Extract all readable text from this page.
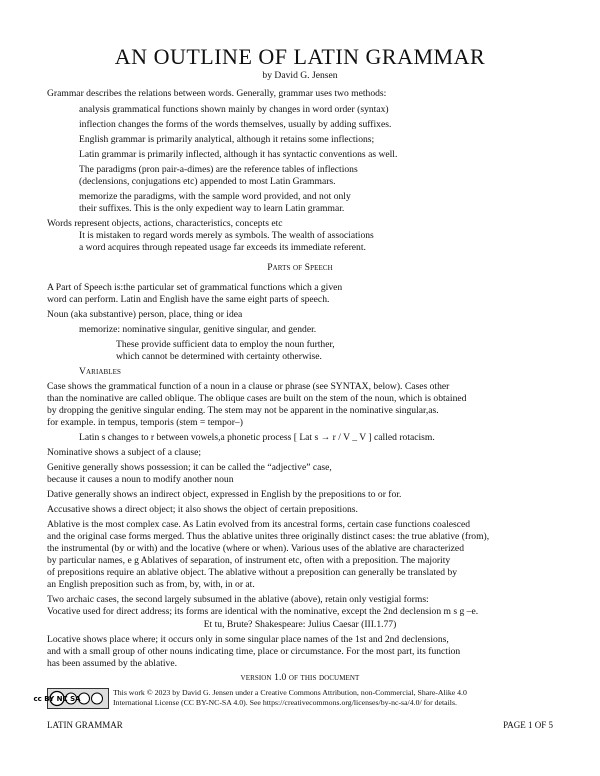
AN OUTLINE OF LATIN GRAMMAR
by David G. Jensen
Grammar describes the relations between words. Generally, grammar uses two methods:
analysis grammatical functions shown mainly by changes in word order (syntax)
inflection changes the forms of the words themselves, usually by adding suffixes.
English grammar is primarily analytical, although it retains some inflections;
Latin grammar is primarily inflected, although it has syntactic conventions as well.
The paradigms (pron pair-a-dimes) are the reference tables of inflections
(declensions, conjugations etc) appended to most Latin Grammars.
memorize the paradigms, with the sample word provided, and not only
their suffixes. This is the only expedient way to learn Latin grammar.
Words represent objects, actions, characteristics, concepts etc
It is mistaken to regard words merely as symbols. The wealth of associations
a word acquires through repeated usage far exceeds its immediate referent.
Parts of Speech
A Part of Speech is:the particular set of grammatical functions which a given
word can perform. Latin and English have the same eight parts of speech.
Noun (aka substantive) person, place, thing or idea
memorize: nominative singular, genitive singular, and gender.
These provide sufficient data to employ the noun further,
which cannot be determined with certainty otherwise.
Variables
Case shows the grammatical function of a noun in a clause or phrase (see SYNTAX, below). Cases other
than the nominative are called oblique. The oblique cases are built on the stem of the noun, which is obtained
by dropping the genitive singular ending. The stem may not be apparent in the nominative singular,as.
for example. in tempus, temporis (stem = tempor–)
Latin s changes to r between vowels,a phonetic process [ Lat s → r / V _ V ] called rotacism.
Nominative shows a subject of a clause;
Genitive generally shows possession; it can be called the “adjective” case,
because it causes a noun to modify another noun
Dative generally shows an indirect object, expressed in English by the prepositions to or for.
Accusative shows a direct object; it also shows the object of certain prepositions.
Ablative is the most complex case. As Latin evolved from its ancestral forms, certain case functions coalesced
and the original case forms merged. Thus the ablative unites three originally distinct cases: the true ablative (from),
the instrumental (by or with) and the locative (where or when). Various uses of the ablative are characterized
by particular names, e g Ablatives of separation, of instrument etc, often with a preposition. The majority
of prepositions require an ablative object. The ablative without a preposition can generally be translated by
an English preposition such as from, by, with, in or at.
Two archaic cases, the second largely subsumed in the ablative (above), retain only vestigial forms:
Vocative used for direct address; its forms are identical with the nominative, except the 2nd declension m s g –e.
Et tu, Brute? Shakespeare: Julius Caesar (III.1.77)
Locative shows place where; it occurs only in some singular place names of the 1st and 2nd declensions,
and with a small group of other nouns indicating time, place or circumstance. For the most part, its function
has been assumed by the ablative.
version 1.0 of this document
cc BY NC SA
This work © 2023 by David G. Jensen under a Creative Commons Attribution, non-Commercial, Share-Alike 4.0
International License (CC BY-NC-SA 4.0). See https://creativecommons.org/licenses/by-nc-sa/4.0/ for details.
LATIN GRAMMAR	PAGE 1 OF 5
